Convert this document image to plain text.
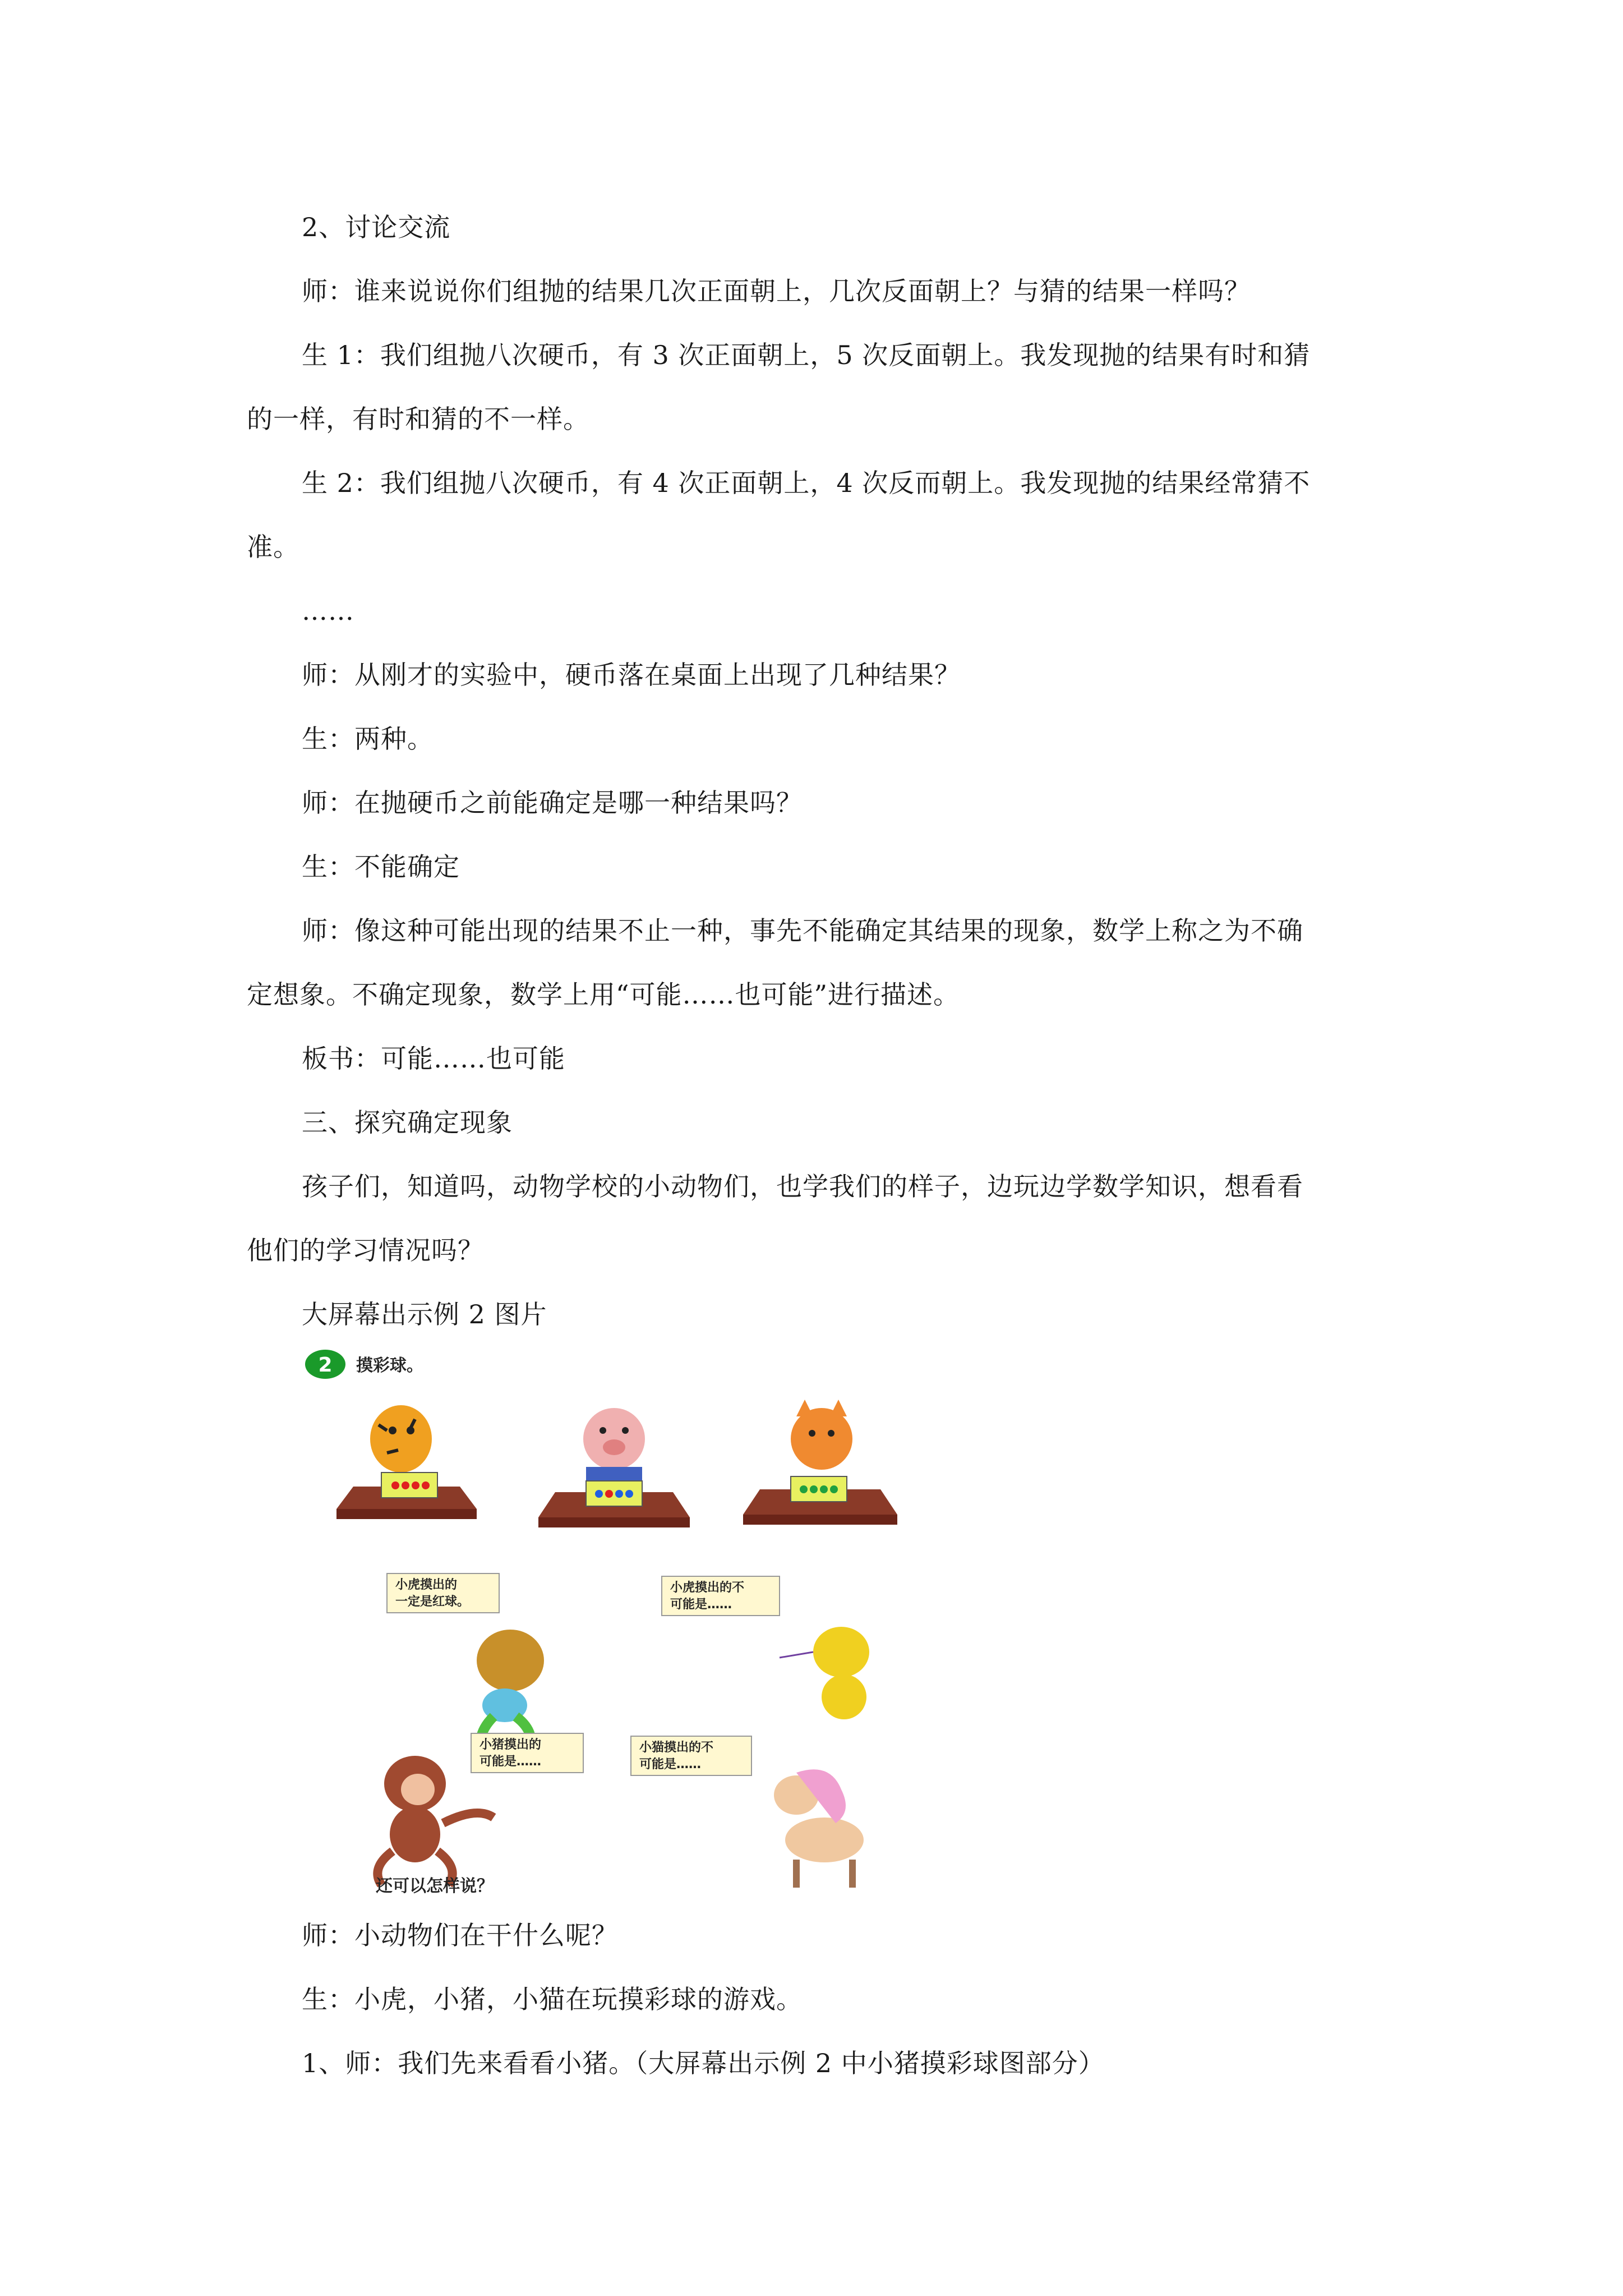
2、讨论交流
师：谁来说说你们组抛的结果几次正面朝上，几次反面朝上？与猜的结果一样吗？
生 1：我们组抛八次硬币，有 3 次正面朝上，5 次反面朝上。我发现抛的结果有时和猜
的一样，有时和猜的不一样。
生 2：我们组抛八次硬币，有 4 次正面朝上，4 次反而朝上。我发现抛的结果经常猜不
准。
……
师：从刚才的实验中，硬币落在桌面上出现了几种结果？
生：两种。
师：在抛硬币之前能确定是哪一种结果吗？
生：不能确定
师：像这种可能出现的结果不止一种，事先不能确定其结果的现象，数学上称之为不确
定想象。不确定现象，数学上用“可能……也可能”进行描述。
板书：可能……也可能
三、探究确定现象
孩子们，知道吗，动物学校的小动物们，也学我们的样子，边玩边学数学知识，想看看
他们的学习情况吗？
大屏幕出示例 2 图片
2 摸彩球。
小虎摸出的
一定是红球。
小虎摸出的不
可能是……
小猪摸出的
可能是……
小猫摸出的不
可能是……
还可以怎样说？
师：小动物们在干什么呢？
生：小虎，小猪，小猫在玩摸彩球的游戏。
1、师：我们先来看看小猪。（大屏幕出示例 2 中小猪摸彩球图部分）
